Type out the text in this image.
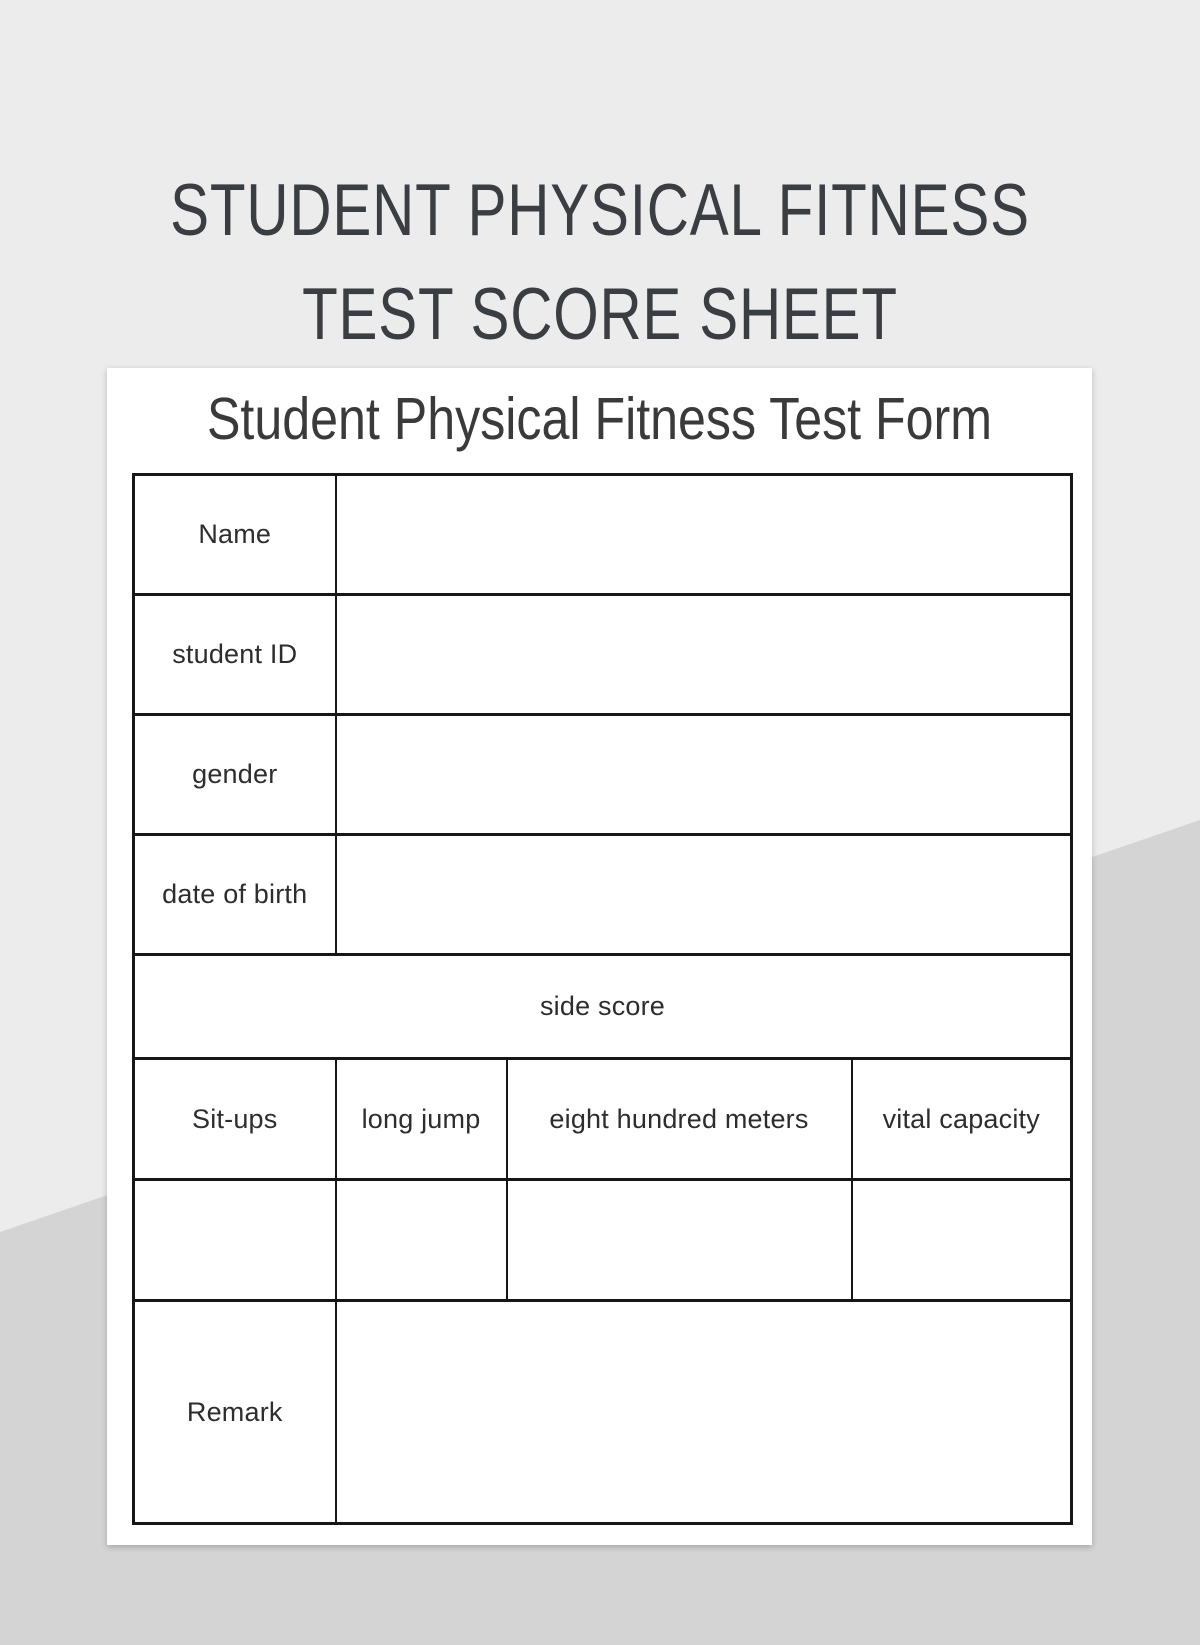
STUDENT PHYSICAL FITNESS
TEST SCORE SHEET
Student Physical Fitness Test Form
Name			
student ID			
gender			
date of birth			
side score			
Sit-ups	long jump	eight hundred meters	vital capacity

Remark			
